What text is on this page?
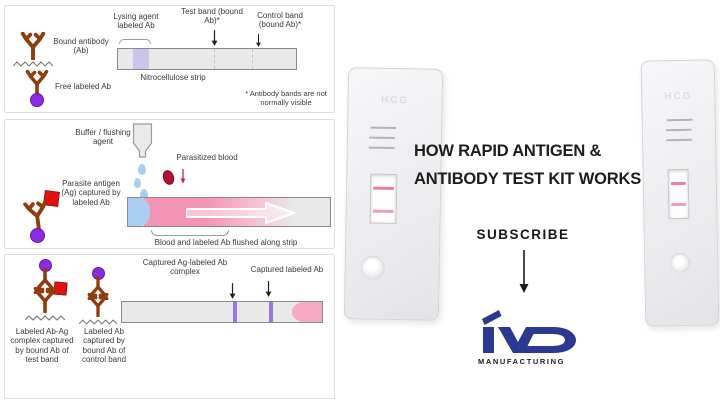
Bound antibody (Ab)
Free labeled Ab
Lysing agent labeled Ab
Test band (bound Ab)*
Control band (bound Ab)*
Nitrocellulose strip
* Antibody bands are not normally visible
Buffer / flushing agent
Parasitized blood
Parasite antigen (Ag) captured by labeled Ab
Blood and labeled Ab flushed along strip
Labeled Ab-Ag complex captured by bound Ab of test band
Labeled Ab captured by bound Ab of control band
Captured Ag-labeled Ab complex	Captured labeled Ab
HCG	HCG
HOW RAPID ANTIGEN &
ANTIBODY TEST KIT WORKS
SUBSCRIBE
MANUFACTURING
